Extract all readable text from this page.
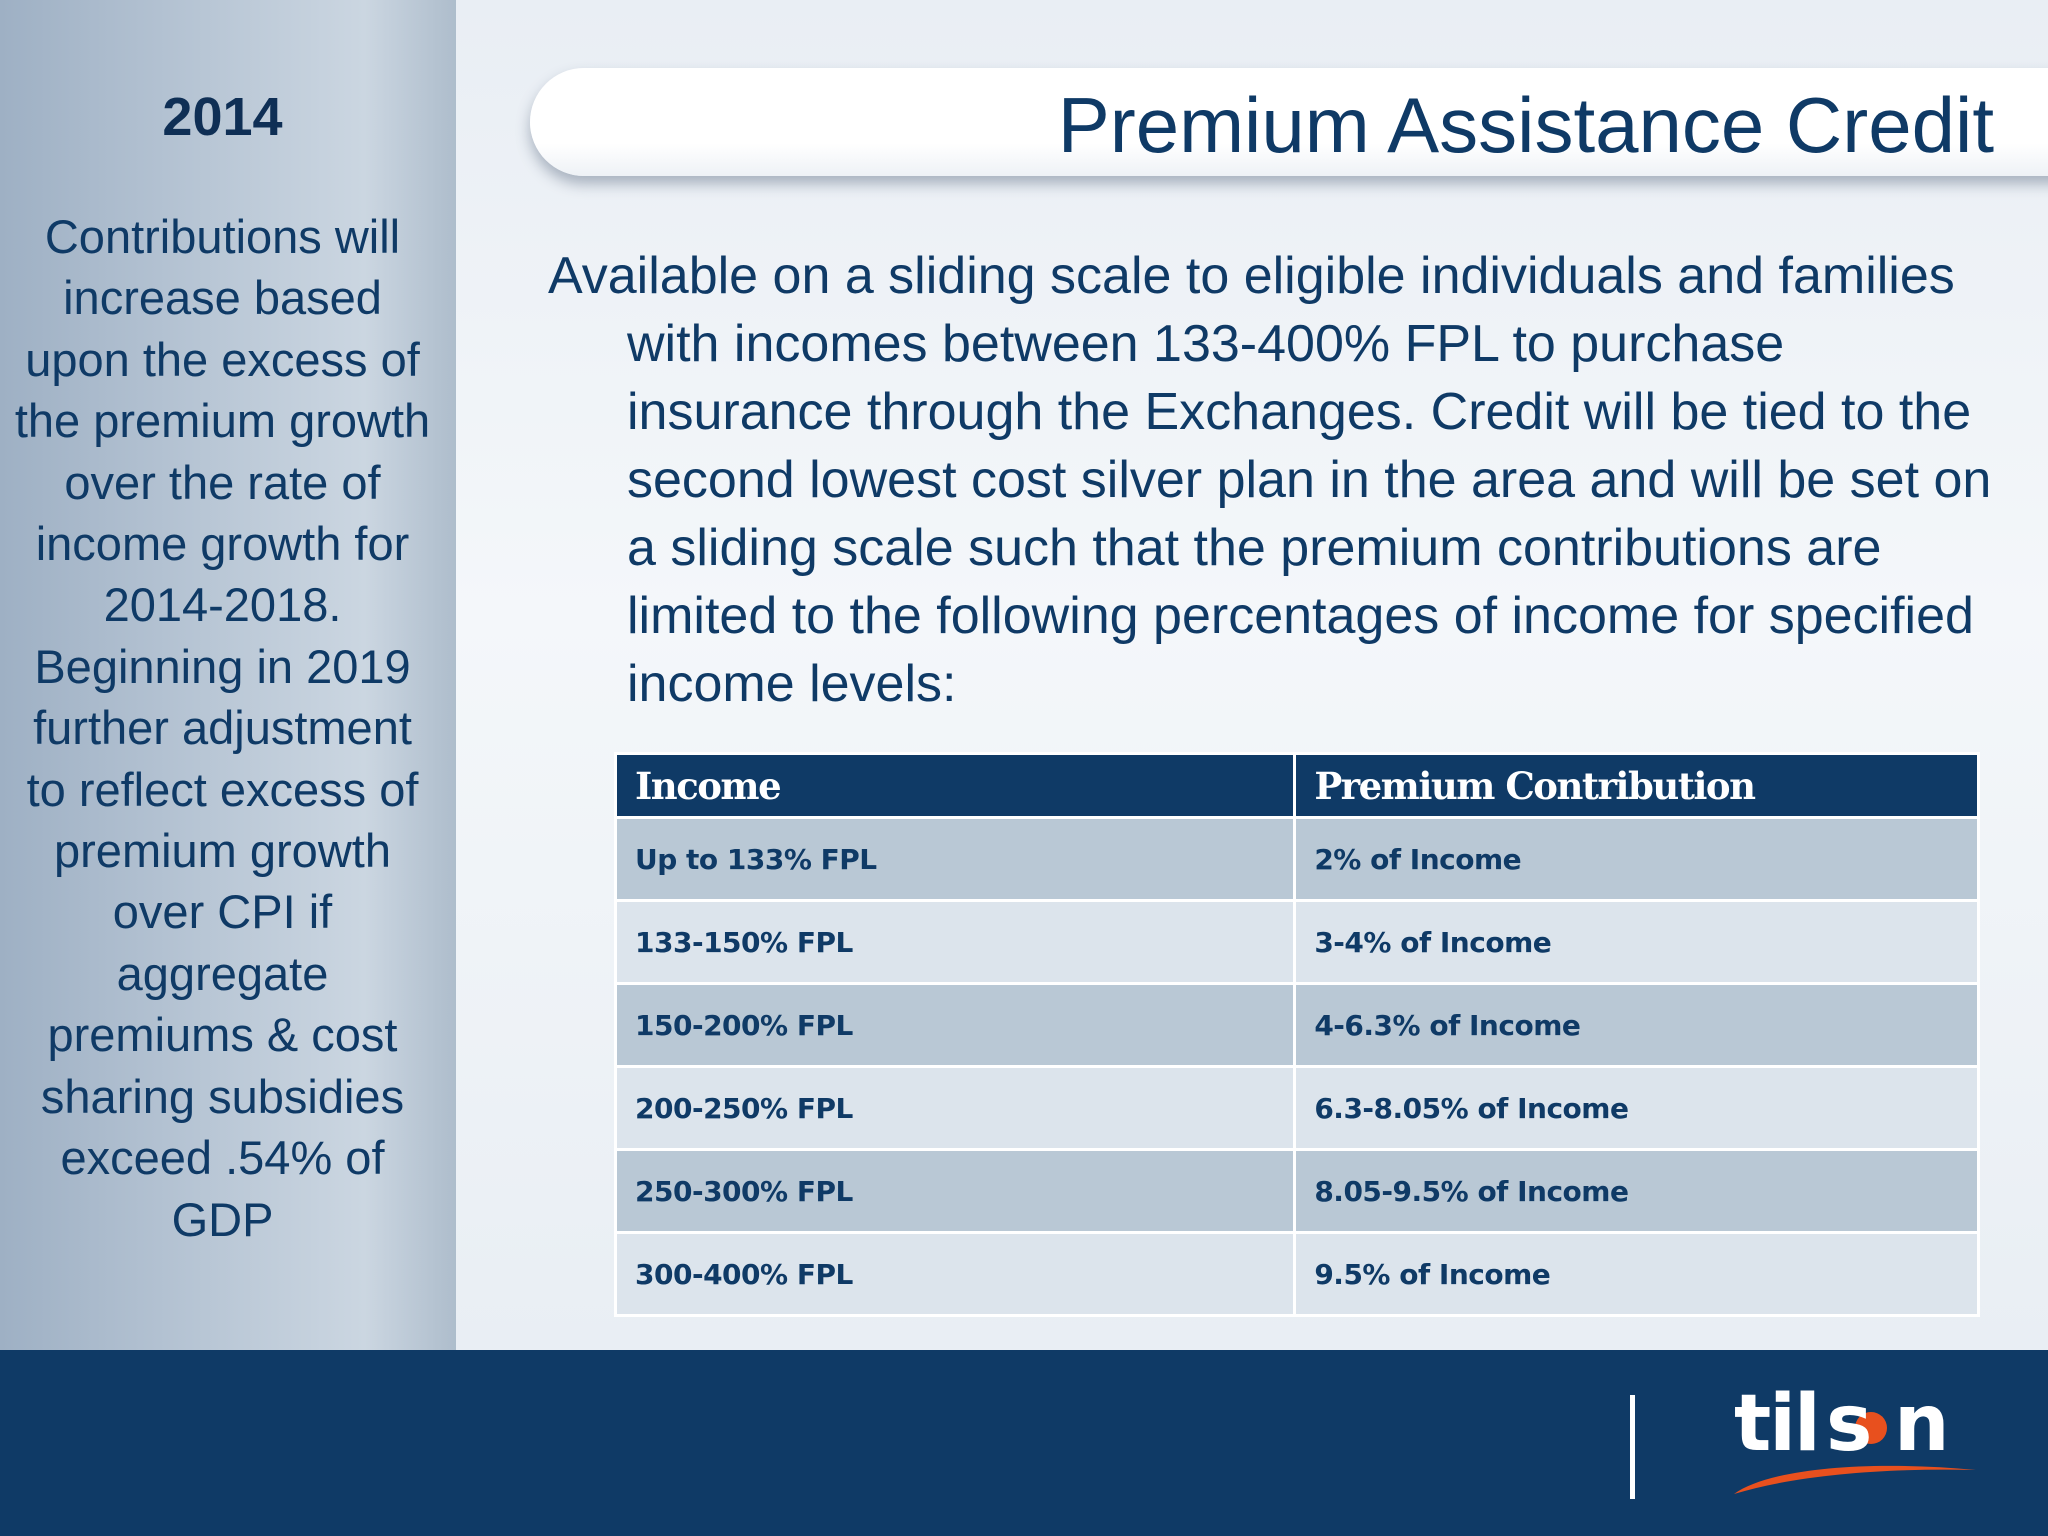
2014
Contributions will increase based upon the excess of the premium growth over the rate of income growth for 2014-2018. Beginning in 2019 further adjustment to reflect excess of premium growth over CPI if aggregate premiums & cost sharing subsidies exceed .54% of GDP
Premium Assistance Credit
Available on a sliding scale to eligible individuals and families with incomes between 133-400% FPL to purchase insurance through the Exchanges. Credit will be tied to the second lowest cost silver plan in the area and will be set on a sliding scale such that the premium contributions are limited to the following percentages of income for specified income levels:
Income	Premium Contribution
Up to 133% FPL	2% of Income
133-150% FPL	3-4% of Income
150-200% FPL	4-6.3% of Income
200-250% FPL	6.3-8.05% of Income
250-300% FPL	8.05-9.5% of Income
300-400% FPL	9.5% of Income
til s n
